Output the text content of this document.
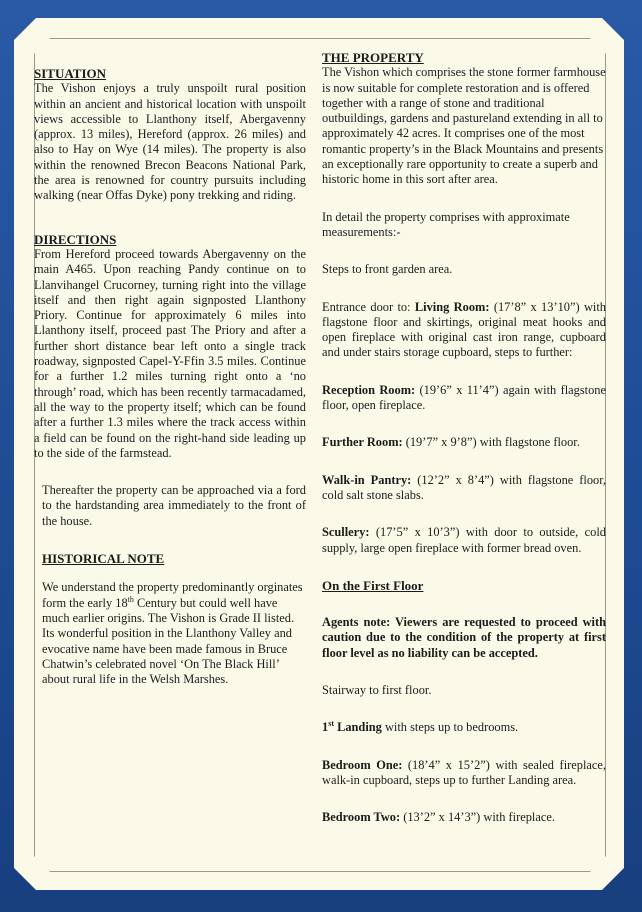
SITUATION

The Vishon enjoys a truly unspoilt rural position within an ancient and historical location with unspoilt views accessible to Llanthony itself, Abergavenny (approx. 13 miles), Hereford (approx. 26 miles) and also to Hay on Wye (14 miles). The property is also within the renowned Brecon Beacons National Park, the area is renowned for country pursuits including walking (near Offas Dyke) pony trekking and riding.

DIRECTIONS

From Hereford proceed towards Abergavenny on the main A465. Upon reaching Pandy continue on to Llanvihangel Crucorney, turning right into the village itself and then right again signposted Llanthony Priory. Continue for approximately 6 miles into Llanthony itself, proceed past The Priory and after a further short distance bear left onto a single track roadway, signposted Capel-Y-Ffin 3.5 miles. Continue for a further 1.2 miles turning right onto a ‘no through’ road, which has been recently tarmacadamed, all the way to the property itself; which can be found after a further 1.3 miles where the track access within a field can be found on the right-hand side leading up to the side of the farmstead.

Thereafter the property can be approached via a ford to the hardstanding area immediately to the front of the house.

HISTORICAL NOTE

We understand the property predominantly orginates form the early 18th Century but could well have much earlier origins. The Vishon is Grade II listed. Its wonderful position in the Llanthony Valley and evocative name have been made famous in Bruce Chatwin’s celebrated novel ‘On The Black Hill’ about rural life in the Welsh Marshes.

THE PROPERTY

The Vishon which comprises the stone former farmhouse is now suitable for complete restoration and is offered together with a range of stone and traditional outbuildings, gardens and pastureland extending in all to approximately 42 acres. It comprises one of the most romantic property’s in the Black Mountains and presents an exceptionally rare opportunity to create a superb and historic home in this sort after area.

In detail the property comprises with approximate measurements:-

Steps to front garden area.

Entrance door to: Living Room: (17’8” x 13’10”) with flagstone floor and skirtings, original meat hooks and open fireplace with original cast iron range, cupboard and under stairs storage cupboard, steps to further:

Reception Room: (19’6” x 11’4”) again with flagstone floor, open fireplace.

Further Room: (19’7” x 9’8”) with flagstone floor.

Walk-in Pantry: (12’2” x 8’4”) with flagstone floor, cold salt stone slabs.

Scullery: (17’5” x 10’3”) with door to outside, cold supply, large open fireplace with former bread oven.

On the First Floor

Agents note: Viewers are requested to proceed with caution due to the condition of the property at first floor level as no liability can be accepted.

Stairway to first floor.

1st Landing with steps up to bedrooms.

Bedroom One: (18’4” x 15’2”) with sealed fireplace, walk-in cupboard, steps up to further Landing area.

Bedroom Two: (13’2” x 14’3”) with fireplace.
